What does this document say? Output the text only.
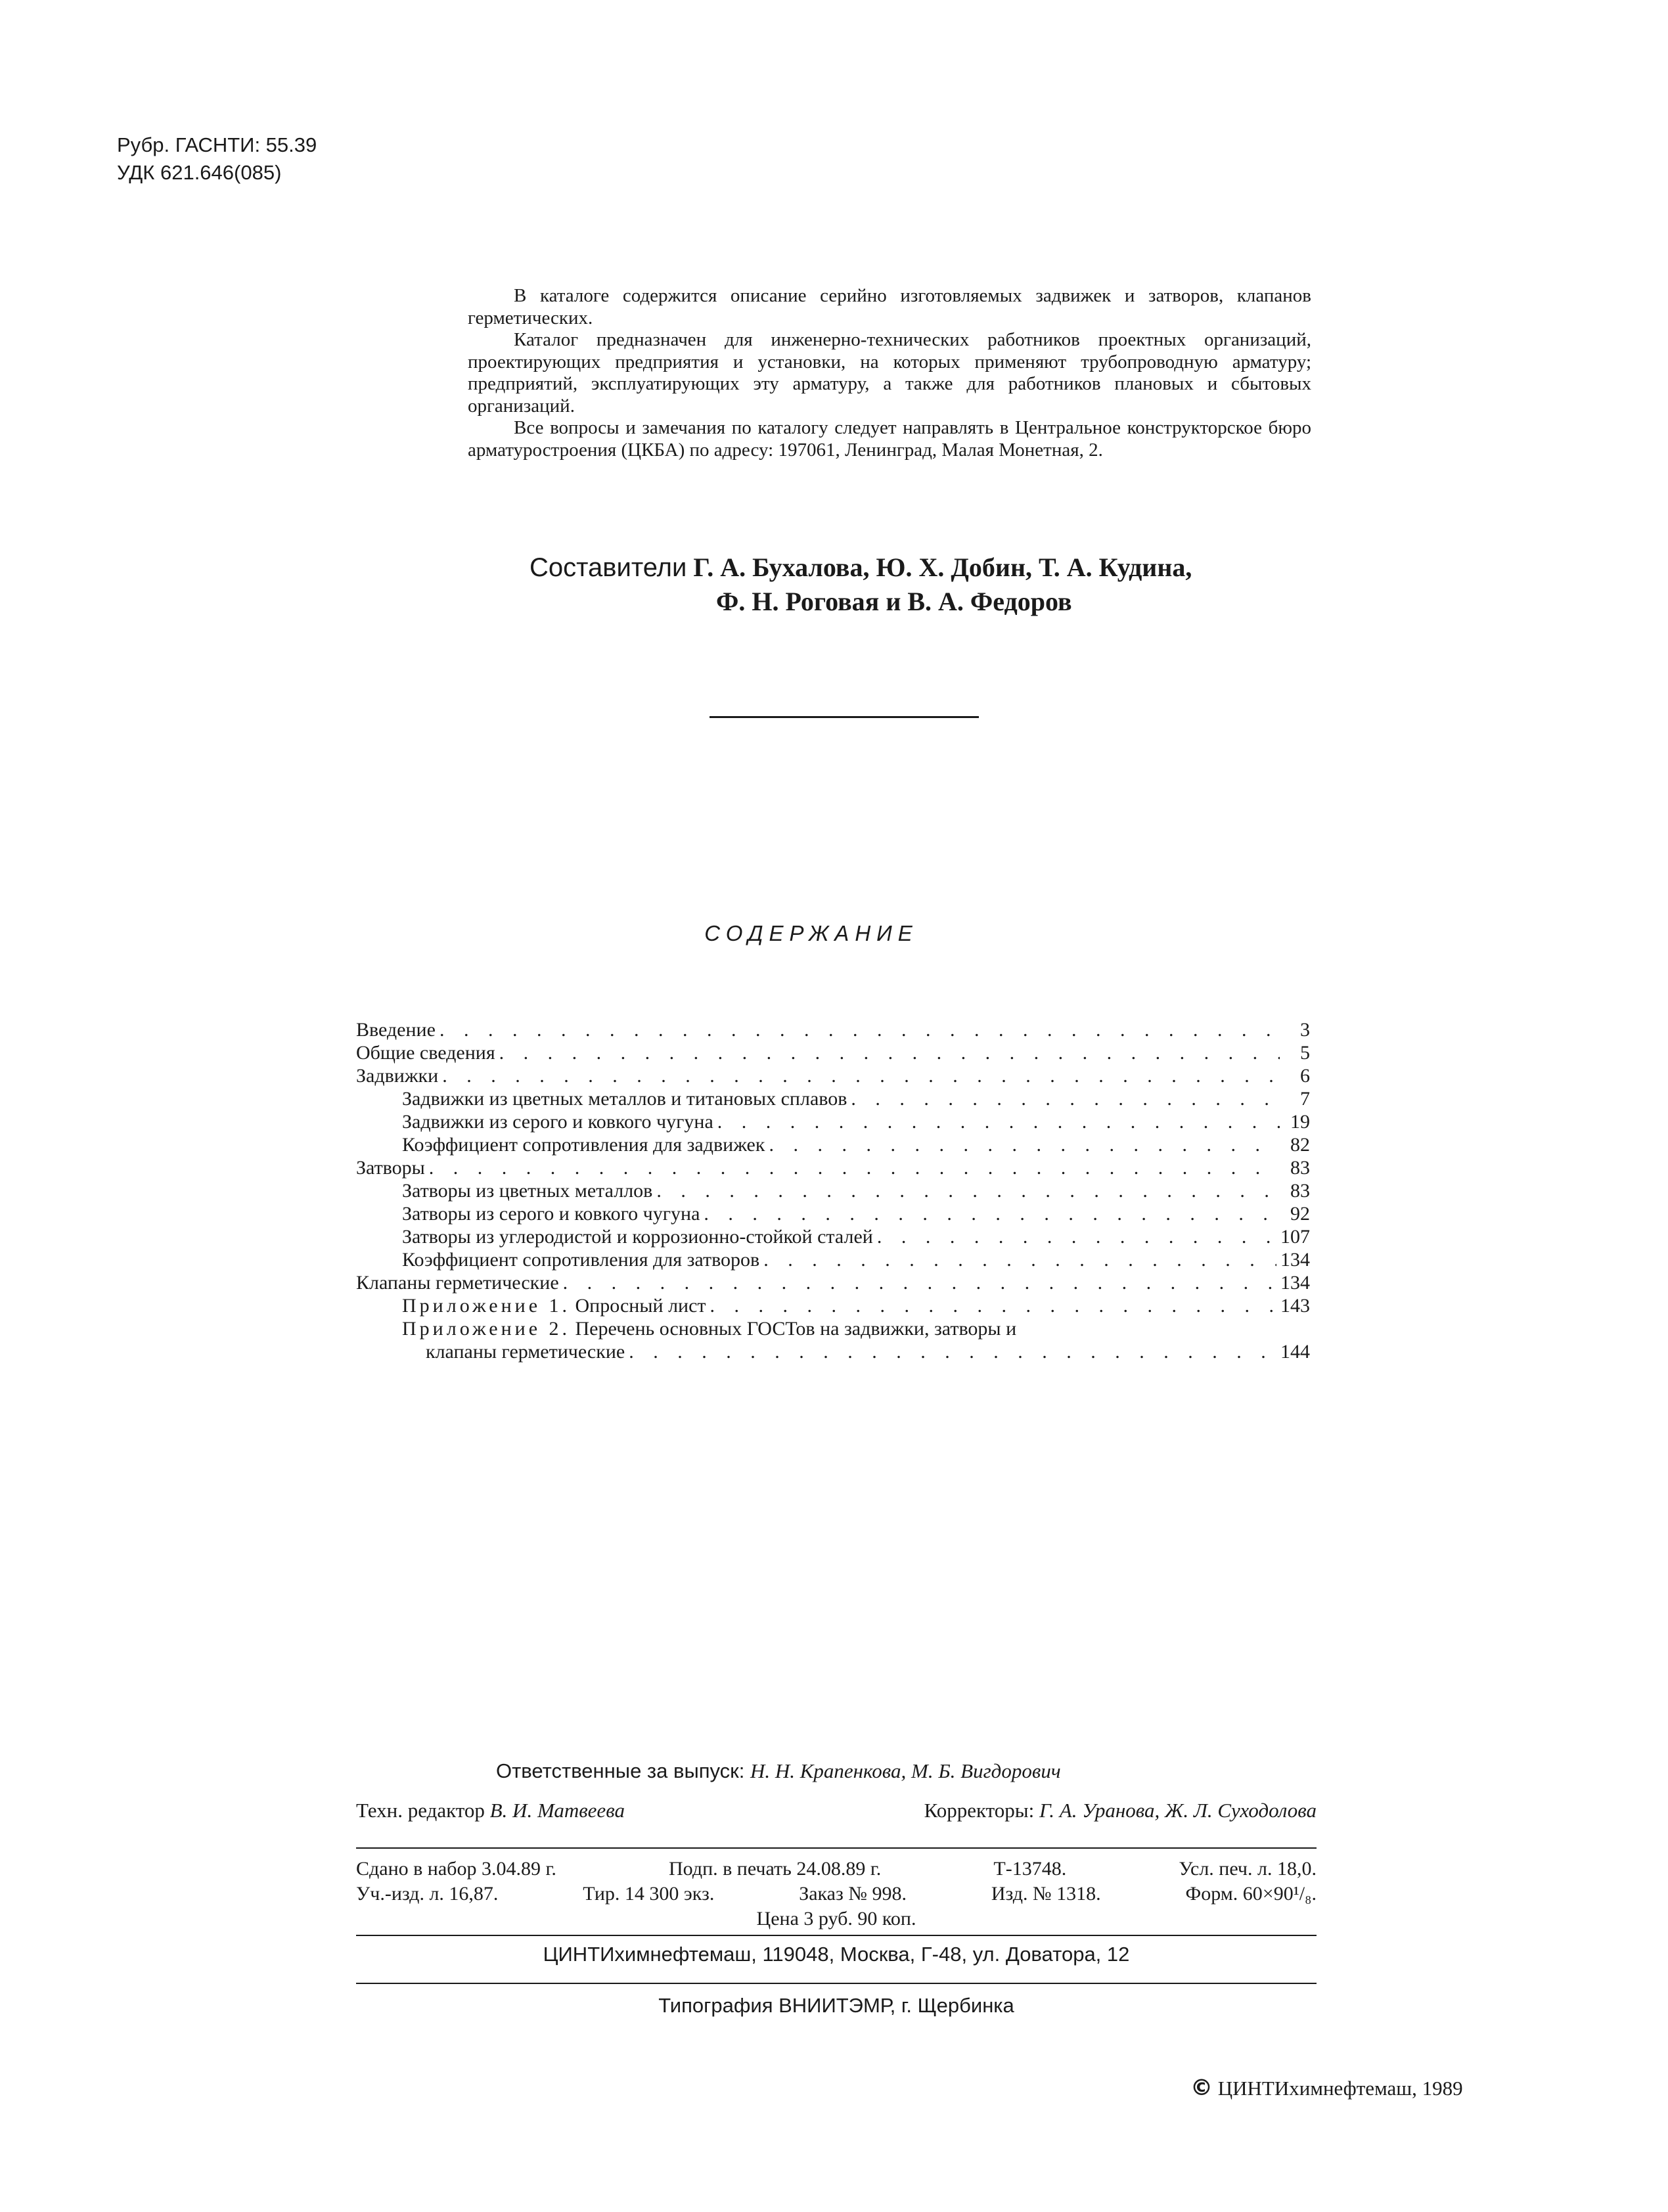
Рубр. ГАСНТИ: 55.39
УДК 621.646(085)

В каталоге содержится описание серийно изготовляемых задвижек и затворов, клапанов герметических.

Каталог предназначен для инженерно-технических работников проектных организаций, проектирующих предприятия и установки, на которых применяют трубопроводную арматуру; предприятий, эксплуатирующих эту арматуру, а также для работников плановых и сбытовых организаций.

Все вопросы и замечания по каталогу следует направлять в Центральное конструкторское бюро арматуростроения (ЦКБА) по адресу: 197061, Ленинград, Малая Монетная, 2.

Составители Г. А. Бухалова, Ю. Х. Добин, Т. А. Кудина,
Ф. Н. Роговая и В. А. Федоров
СОДЕРЖАНИЕ
Введение . . .	3
Общие сведения . . .	5
Задвижки . . .	6
Задвижки из цветных металлов и титановых сплавов . . .	7
Задвижки из серого и ковкого чугуна . . .	19
Коэффициент сопротивления для задвижек . . .	82
Затворы . . .	83
Затворы из цветных металлов . . .	83
Затворы из серого и ковкого чугуна . . .	92
Затворы из углеродистой и коррозионно-стойкой сталей . . .	107
Коэффициент сопротивления для затворов . . .	134
Клапаны герметические . . .	134
Приложение 1. Опросный лист . . .	143
Приложение 2. Перечень основных ГОСТов на задвижки, затворы и
клапаны герметические . . .	144
Ответственные за выпуск: Н. Н. Крапенкова, М. Б. Вигдорович
Техн. редактор В. И. Матвеева	Корректоры: Г. А. Уранова, Ж. Л. Суходолова
Сдано в набор 3.04.89 г.	Подп. в печать 24.08.89 г.	Т-13748.	Усл. печ. л. 18,0.
Уч.-изд. л. 16,87.	Тир. 14 300 экз.	Заказ № 998.	Изд. № 1318.	Форм. 60×90¹/₈.
Цена 3 руб. 90 коп.
ЦИНТИхимнефтемаш, 119048, Москва, Г-48, ул. Доватора, 12
Типография ВНИИТЭМР, г. Щербинка
© ЦИНТИхимнефтемаш, 1989
